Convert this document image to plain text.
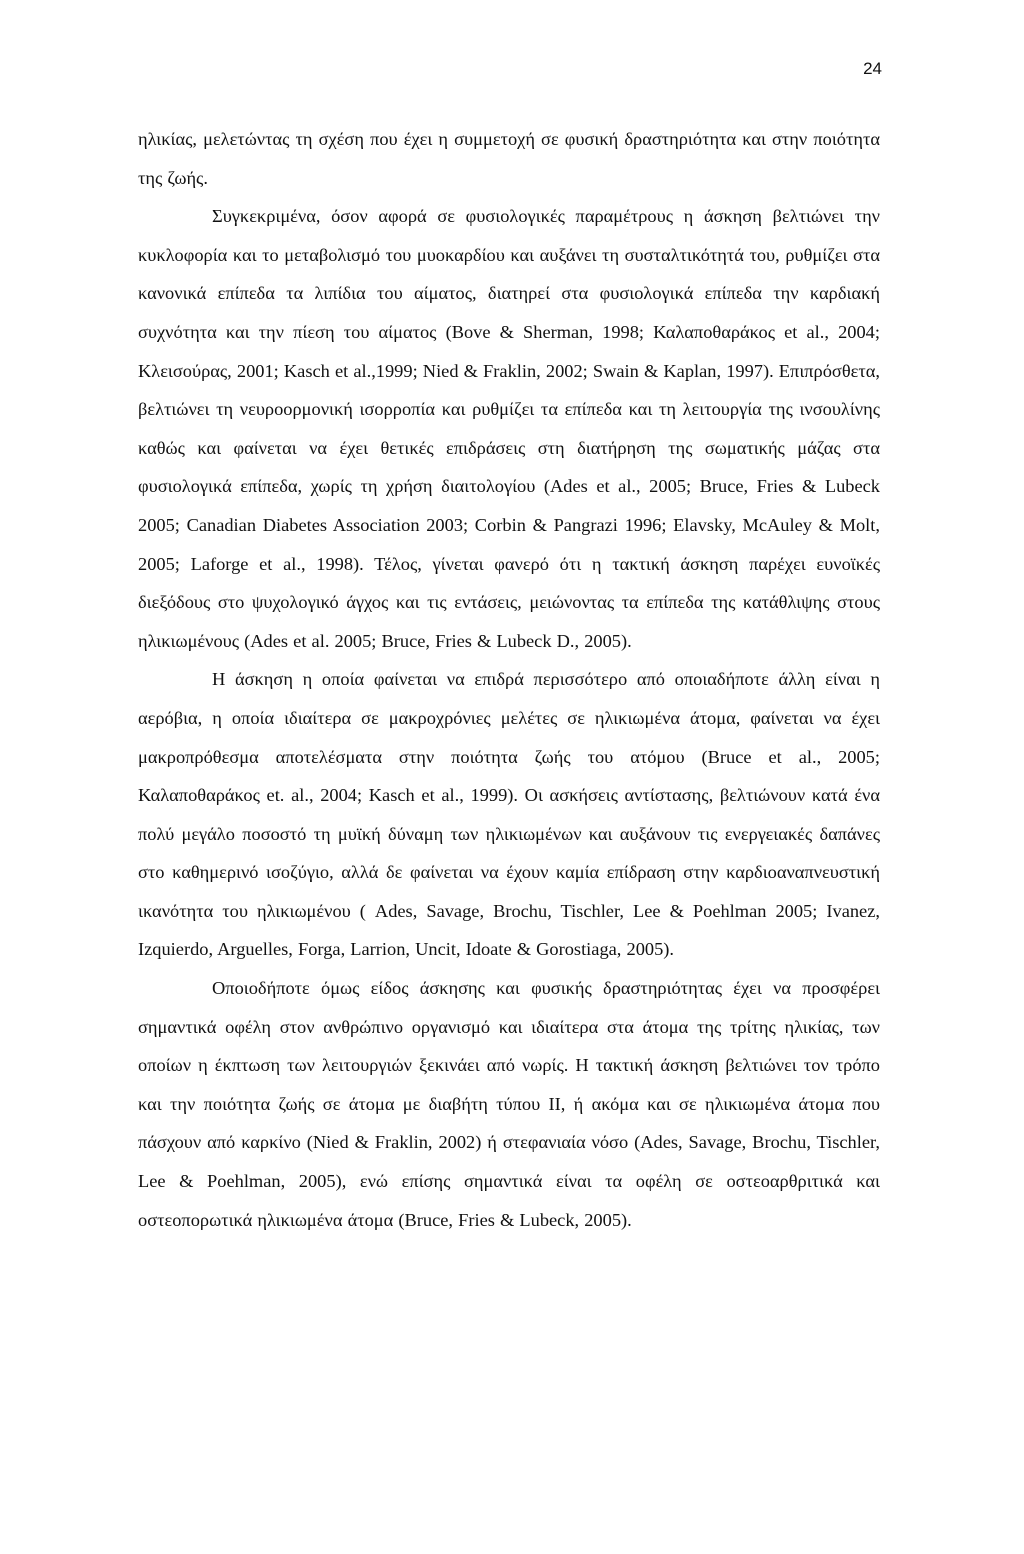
24

ηλικίας, μελετώντας τη σχέση που έχει η συμμετοχή σε φυσική δραστηριότητα και στην ποιότητα της ζωής.

Συγκεκριμένα, όσον αφορά σε φυσιολογικές παραμέτρους η άσκηση βελτιώνει την κυκλοφορία και το μεταβολισμό του μυοκαρδίου και αυξάνει τη συσταλτικότητά του, ρυθμίζει στα κανονικά επίπεδα τα λιπίδια του αίματος, διατηρεί στα φυσιολογικά επίπεδα την καρδιακή συχνότητα και την πίεση του αίματος (Bove & Sherman, 1998; Καλαποθαράκος et al., 2004; Κλεισούρας, 2001; Kasch et al.,1999; Nied & Fraklin, 2002; Swain & Kaplan, 1997). Επιπρόσθετα, βελτιώνει τη νευροορμονική ισορροπία και ρυθμίζει τα επίπεδα και τη λειτουργία της ινσουλίνης καθώς και φαίνεται να έχει θετικές επιδράσεις στη διατήρηση της σωματικής μάζας στα φυσιολογικά επίπεδα, χωρίς τη χρήση διαιτολογίου (Ades et al., 2005; Bruce, Fries & Lubeck 2005; Canadian Diabetes Association 2003; Corbin & Pangrazi 1996; Elavsky, McAuley & Molt, 2005; Laforge et al., 1998). Τέλος, γίνεται φανερό ότι η τακτική άσκηση παρέχει ευνοϊκές διεξόδους στο ψυχολογικό άγχος και τις εντάσεις, μειώνοντας τα επίπεδα της κατάθλιψης στους ηλικιωμένους (Ades et al. 2005; Bruce, Fries & Lubeck D., 2005).

Η άσκηση η οποία φαίνεται να επιδρά περισσότερο από οποιαδήποτε άλλη είναι η αερόβια, η οποία ιδιαίτερα σε μακροχρόνιες μελέτες σε ηλικιωμένα άτομα, φαίνεται να έχει μακροπρόθεσμα αποτελέσματα στην ποιότητα ζωής του ατόμου (Bruce et al., 2005; Καλαποθαράκος et. al., 2004; Kasch et al., 1999). Οι ασκήσεις αντίστασης, βελτιώνουν κατά ένα πολύ μεγάλο ποσοστό τη μυϊκή δύναμη των ηλικιωμένων και αυξάνουν τις ενεργειακές δαπάνες στο καθημερινό ισοζύγιο, αλλά δε φαίνεται να έχουν καμία επίδραση στην καρδιοαναπνευστική ικανότητα του ηλικιωμένου ( Ades, Savage, Brochu, Tischler, Lee & Poehlman 2005; Ivanez, Izquierdo, Arguelles, Forga, Larrion, Uncit, Idoate & Gorostiaga, 2005).

Οποιοδήποτε όμως είδος άσκησης και φυσικής δραστηριότητας έχει να προσφέρει σημαντικά οφέλη στον ανθρώπινο οργανισμό και ιδιαίτερα στα άτομα της τρίτης ηλικίας, των οποίων η έκπτωση των λειτουργιών ξεκινάει από νωρίς. Η τακτική άσκηση βελτιώνει τον τρόπο και την ποιότητα ζωής σε άτομα με διαβήτη τύπου ΙΙ, ή ακόμα και σε ηλικιωμένα άτομα που πάσχουν από καρκίνο (Nied & Fraklin, 2002) ή στεφανιαία νόσο (Ades, Savage, Brochu, Tischler, Lee & Poehlman, 2005), ενώ επίσης σημαντικά είναι τα οφέλη σε οστεοαρθριτικά και οστεοπορωτικά ηλικιωμένα άτομα (Bruce, Fries & Lubeck, 2005).
